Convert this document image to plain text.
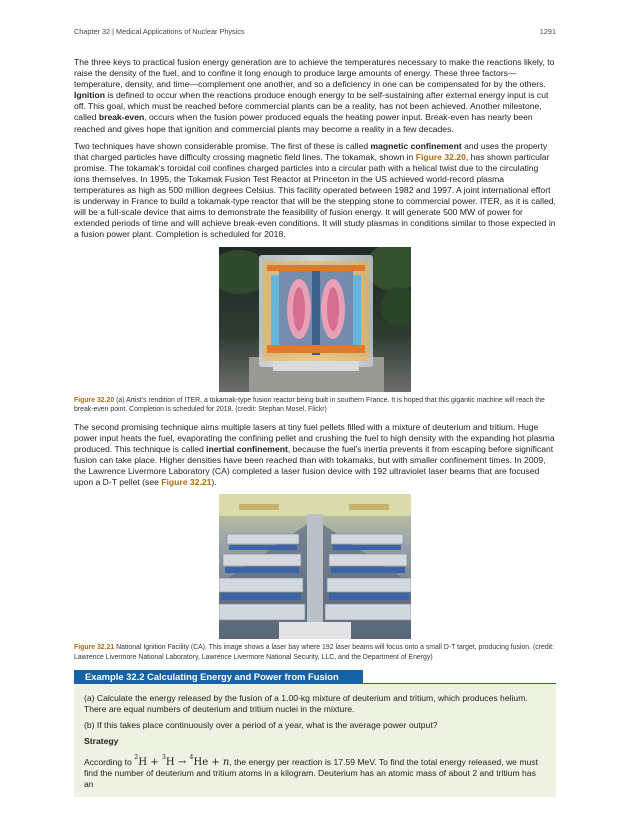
Chapter 32 | Medical Applications of Nuclear Physics	1291

The three keys to practical fusion energy generation are to achieve the temperatures necessary to make the reactions likely, to raise the density of the fuel, and to confine it long enough to produce large amounts of energy. These three factors—temperature, density, and time—complement one another, and so a deficiency in one can be compensated for by the others. Ignition is defined to occur when the reactions produce enough energy to be self-sustaining after external energy input is cut off. This goal, which must be reached before commercial plants can be a reality, has not been achieved. Another milestone, called break-even, occurs when the fusion power produced equals the heating power input. Break-even has nearly been reached and gives hope that ignition and commercial plants may become a reality in a few decades.

Two techniques have shown considerable promise. The first of these is called magnetic confinement and uses the property that charged particles have difficulty crossing magnetic field lines. The tokamak, shown in Figure 32.20, has shown particular promise. The tokamak's toroidal coil confines charged particles into a circular path with a helical twist due to the circulating ions themselves. In 1995, the Tokamak Fusion Test Reactor at Princeton in the US achieved world-record plasma temperatures as high as 500 million degrees Celsius. This facility operated between 1982 and 1997. A joint international effort is underway in France to build a tokamak-type reactor that will be the stepping stone to commercial power. ITER, as it is called, will be a full-scale device that aims to demonstrate the feasibility of fusion energy. It will generate 500 MW of power for extended periods of time and will achieve break-even conditions. It will study plasmas in conditions similar to those expected in a fusion power plant. Completion is scheduled for 2018.

Figure 32.20 (a) Artist's rendition of ITER, a tokamak-type fusion reactor being built in southern France. It is hoped that this gigantic machine will reach the break-even point. Completion is scheduled for 2018. (credit: Stephan Mosel, Flickr)

The second promising technique aims multiple lasers at tiny fuel pellets filled with a mixture of deuterium and tritium. Huge power input heats the fuel, evaporating the confining pellet and crushing the fuel to high density with the expanding hot plasma produced. This technique is called inertial confinement, because the fuel's inertia prevents it from escaping before significant fusion can take place. Higher densities have been reached than with tokamaks, but with smaller confinement times. In 2009, the Lawrence Livermore Laboratory (CA) completed a laser fusion device with 192 ultraviolet laser beams that are focused upon a D-T pellet (see Figure 32.21).

Figure 32.21 National Ignition Facility (CA). This image shows a laser bay where 192 laser beams will focus onto a small D-T target, producing fusion. (credit: Lawrence Livermore National Laboratory, Lawrence Livermore National Security, LLC, and the Department of Energy)

Example 32.2 Calculating Energy and Power from Fusion

(a) Calculate the energy released by the fusion of a 1.00-kg mixture of deuterium and tritium, which produces helium. There are equal numbers of deuterium and tritium nuclei in the mixture.

(b) If this takes place continuously over a period of a year, what is the average power output?

Strategy

According to $^2$H + $^3$H → $^4$He + n, the energy per reaction is 17.59 MeV. To find the total energy released, we must find the number of deuterium and tritium atoms in a kilogram. Deuterium has an atomic mass of about 2 and tritium has an
